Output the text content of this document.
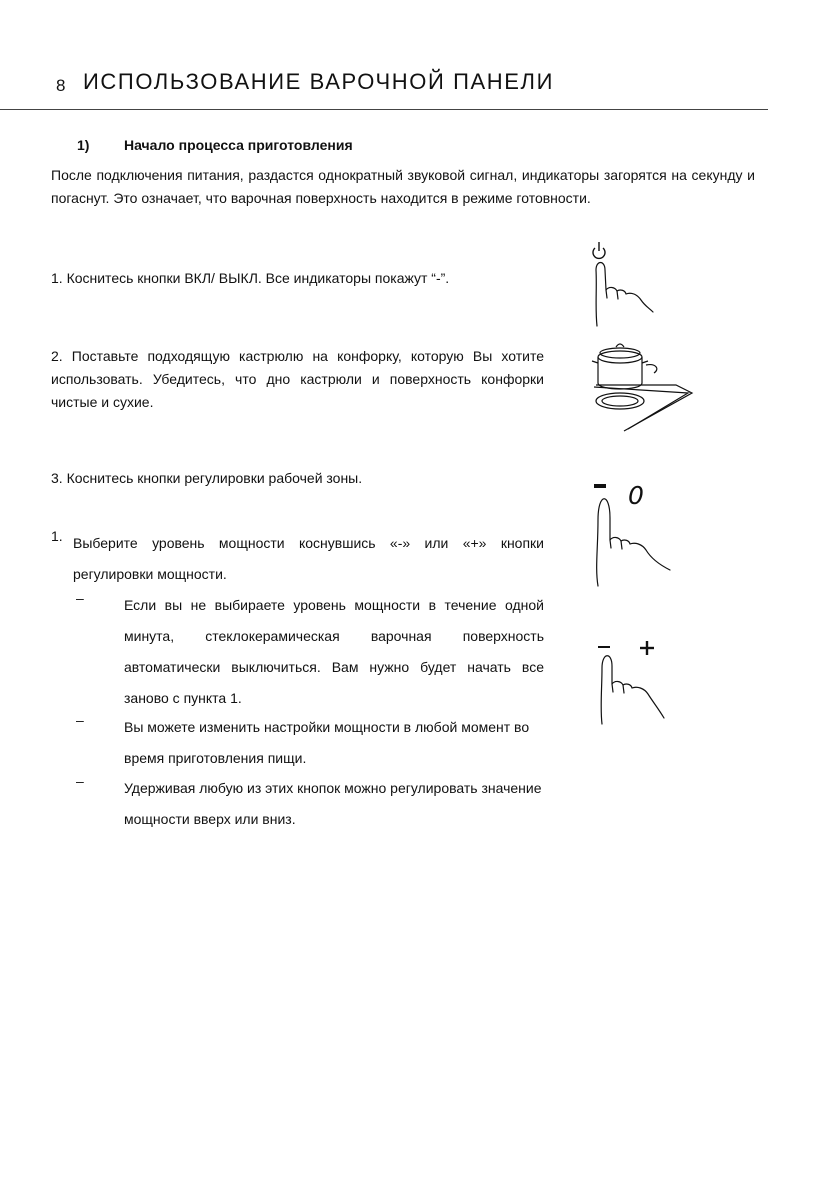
8 ИСПОЛЬЗОВАНИЕ ВАРОЧНОЙ ПАНЕЛИ
1) Начало процесса приготовления

После подключения питания, раздастся однократный звуковой сигнал, индикаторы загорятся на секунду и погаснут. Это означает, что варочная поверхность находится в режиме готовности.

1. Коснитесь кнопки ВКЛ/ ВЫКЛ. Все индикаторы покажут “-”.

2. Поставьте подходящую кастрюлю на конфорку, которую Вы хотите использовать. Убедитесь, что дно кастрюли и поверхность конфорки чистые и сухие.

3. Коснитесь кнопки регулировки рабочей зоны.

1. Выберите уровень мощности коснувшись «-» или «+» кнопки регулировки мощности.

–	Если вы не выбираете уровень мощности в течение одной минута, стеклокерамическая варочная поверхность автоматически выключиться. Вам нужно будет начать все заново с пункта 1.

–	Вы можете изменить настройки мощности в любой момент во время приготовления пищи.

–	Удерживая любую из этих кнопок можно регулировать значение мощности вверх или вниз.

0
